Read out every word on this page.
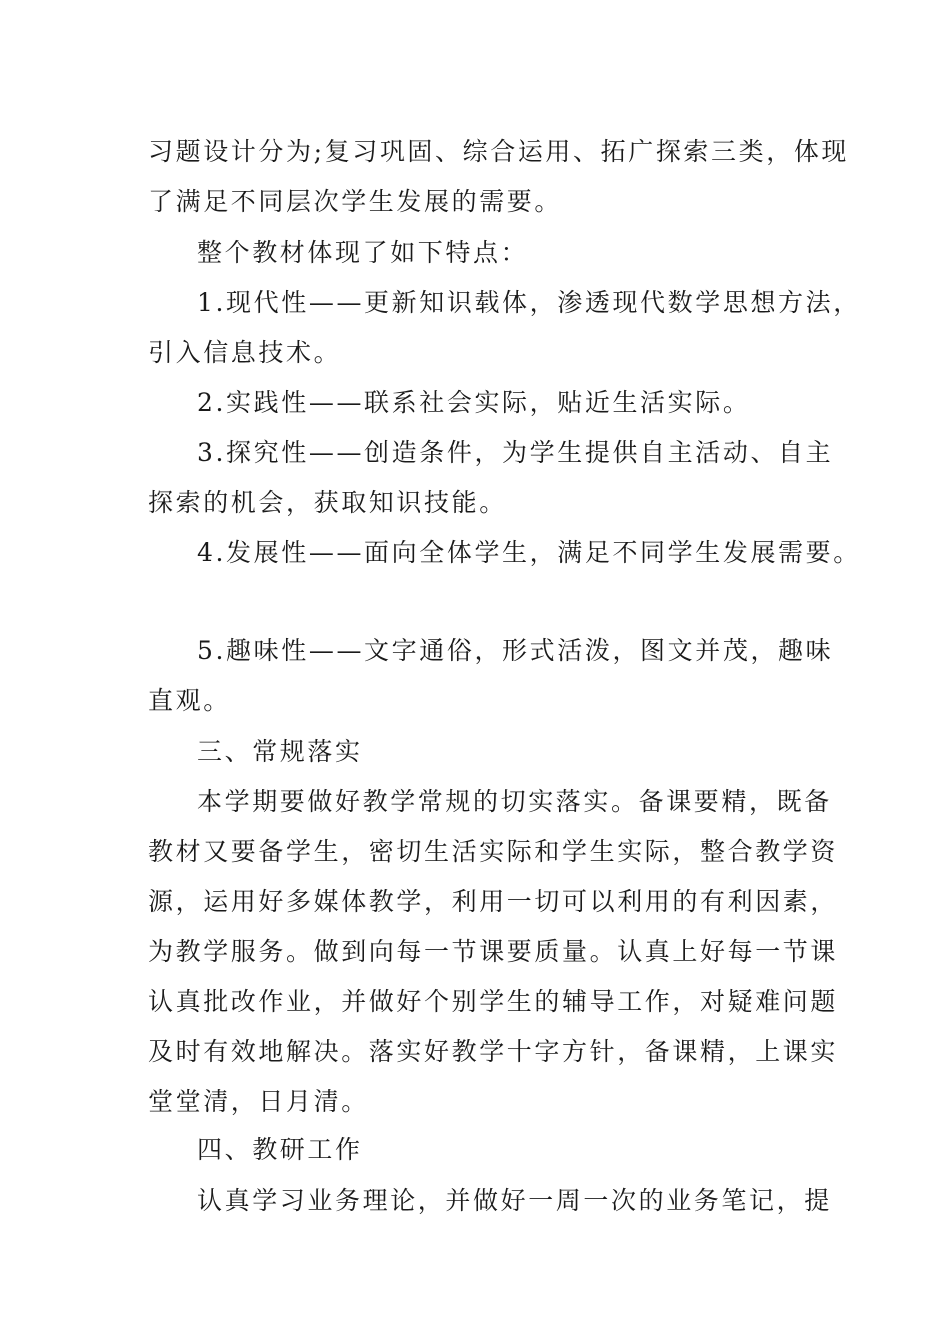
习题设计分为;复习巩固、综合运用、拓广探索三类，体现
了满足不同层次学生发展的需要。
整个教材体现了如下特点：
1.现代性——更新知识载体，渗透现代数学思想方法，
引入信息技术。
2.实践性——联系社会实际，贴近生活实际。
3.探究性——创造条件，为学生提供自主活动、自主
探索的机会，获取知识技能。
4.发展性——面向全体学生，满足不同学生发展需要。
5.趣味性——文字通俗，形式活泼，图文并茂，趣味
直观。
三、常规落实
本学期要做好教学常规的切实落实。备课要精，既备
教材又要备学生，密切生活实际和学生实际，整合教学资
源，运用好多媒体教学，利用一切可以利用的有利因素，
为教学服务。做到向每一节课要质量。认真上好每一节课
认真批改作业，并做好个别学生的辅导工作，对疑难问题
及时有效地解决。落实好教学十字方针，备课精，上课实
堂堂清，日月清。
四、教研工作
认真学习业务理论，并做好一周一次的业务笔记，提
